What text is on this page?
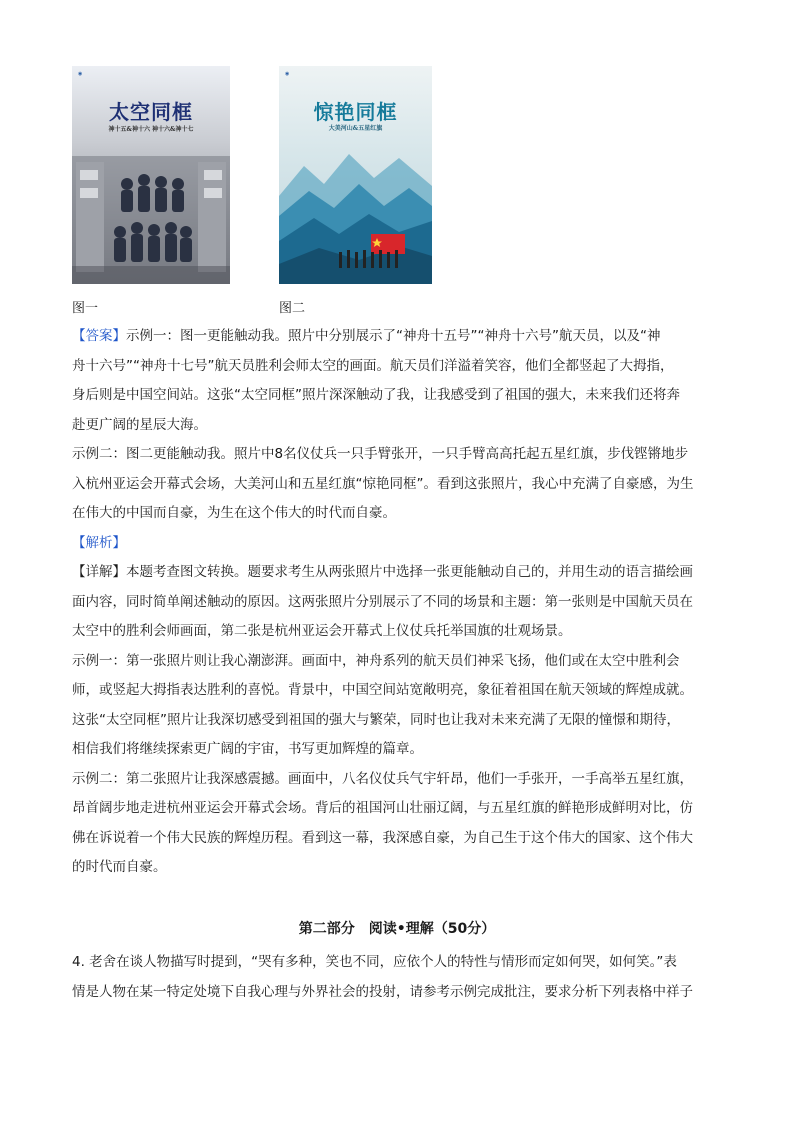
◉
太空同框
神十五&神十六 神十六&神十七
◉
惊艳同框
大美河山&五星红旗
图一	图二

【答案】示例一：图一更能触动我。照片中分别展示了“神舟十五号”“神舟十六号”航天员，以及“神

舟十六号”“神舟十七号”航天员胜利会师太空的画面。航天员们洋溢着笑容，他们全都竖起了大拇指，

身后则是中国空间站。这张“太空同框”照片深深触动了我，让我感受到了祖国的强大，未来我们还将奔

赴更广阔的星辰大海。

示例二：图二更能触动我。照片中8名仪仗兵一只手臂张开，一只手臂高高托起五星红旗，步伐铿锵地步

入杭州亚运会开幕式会场，大美河山和五星红旗“惊艳同框”。看到这张照片，我心中充满了自豪感，为生

在伟大的中国而自豪，为生在这个伟大的时代而自豪。

【解析】

【详解】本题考查图文转换。题要求考生从两张照片中选择一张更能触动自己的，并用生动的语言描绘画

面内容，同时简单阐述触动的原因。这两张照片分别展示了不同的场景和主题：第一张则是中国航天员在

太空中的胜利会师画面，第二张是杭州亚运会开幕式上仪仗兵托举国旗的壮观场景。

示例一：第一张照片则让我心潮澎湃。画面中，神舟系列的航天员们神采飞扬，他们或在太空中胜利会

师，或竖起大拇指表达胜利的喜悦。背景中，中国空间站宽敞明亮，象征着祖国在航天领域的辉煌成就。

这张“太空同框”照片让我深切感受到祖国的强大与繁荣，同时也让我对未来充满了无限的憧憬和期待，

相信我们将继续探索更广阔的宇宙，书写更加辉煌的篇章。

示例二：第二张照片让我深感震撼。画面中，八名仪仗兵气宇轩昂，他们一手张开，一手高举五星红旗，

昂首阔步地走进杭州亚运会开幕式会场。背后的祖国河山壮丽辽阔，与五星红旗的鲜艳形成鲜明对比，仿

佛在诉说着一个伟大民族的辉煌历程。看到这一幕，我深感自豪，为自己生于这个伟大的国家、这个伟大

的时代而自豪。

第二部分　阅读•理解（50分）

4. 老舍在谈人物描写时提到，“哭有多种，笑也不同，应依个人的特性与情形而定如何哭，如何笑。”表

情是人物在某一特定处境下自我心理与外界社会的投射，请参考示例完成批注，要求分析下列表格中祥子
